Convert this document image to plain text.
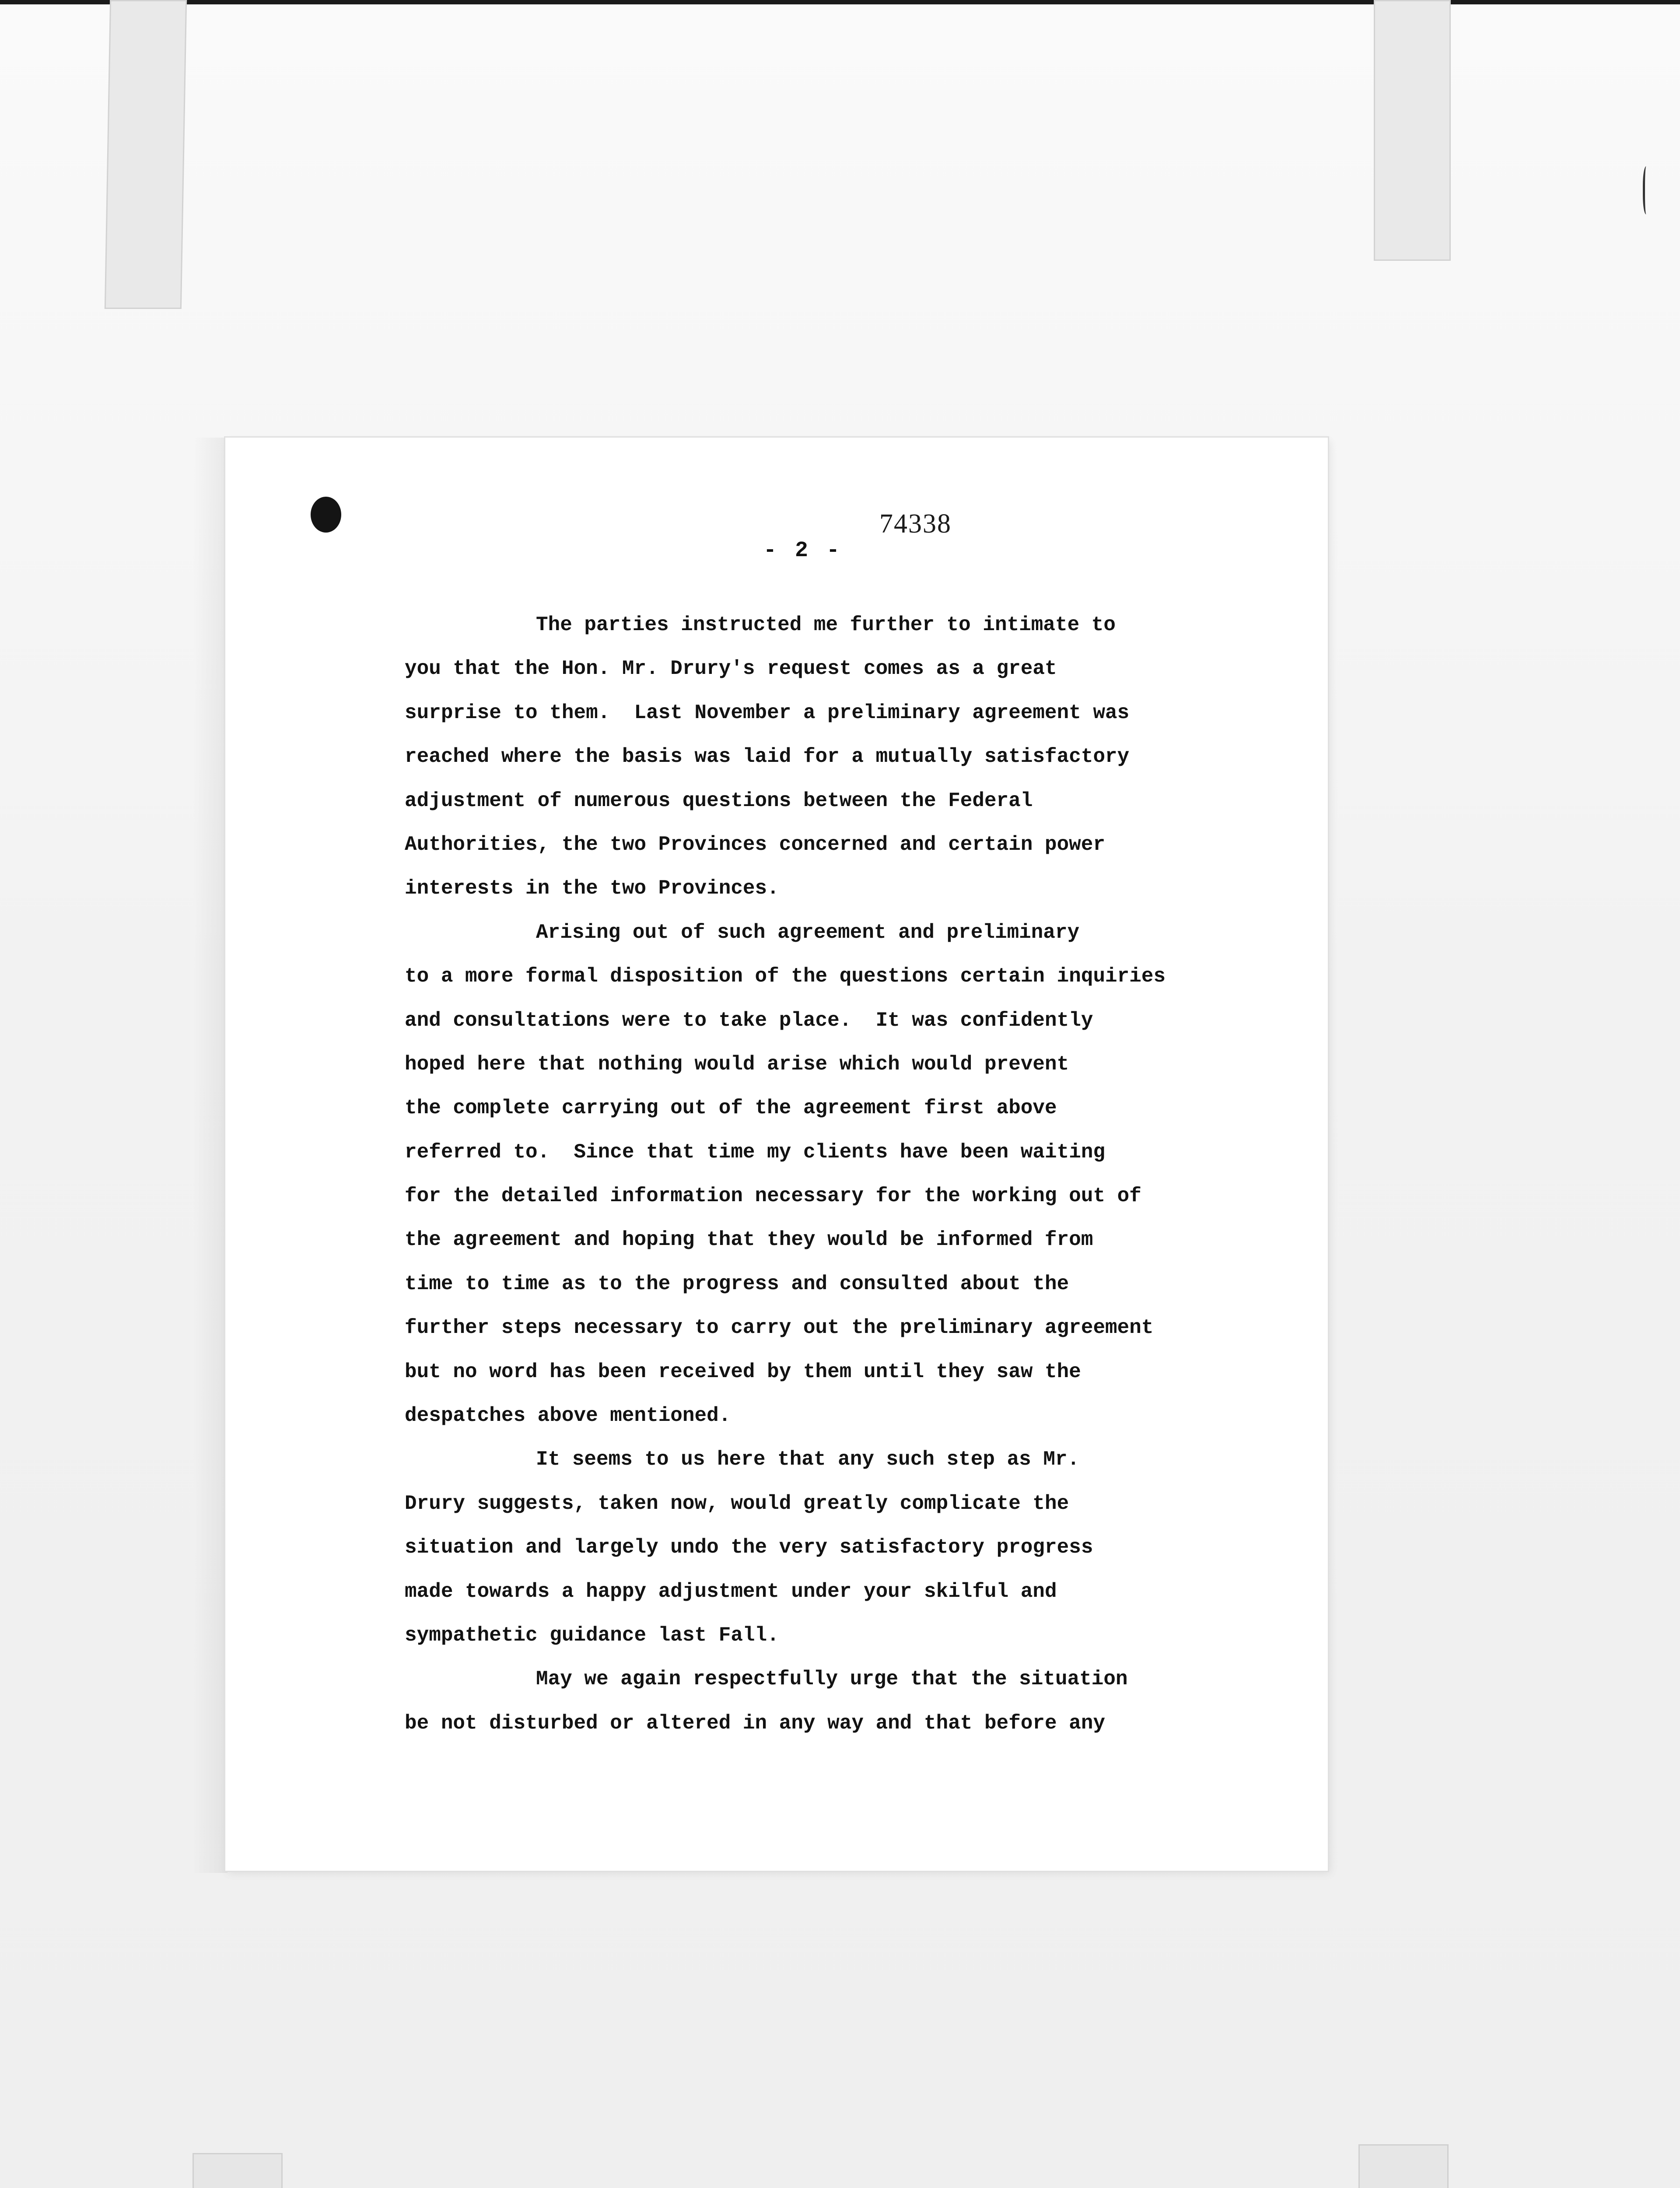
74338
- 2 -
The parties instructed me further to intimate to
you that the Hon. Mr. Drury's request comes as a great
surprise to them.  Last November a preliminary agreement was
reached where the basis was laid for a mutually satisfactory
adjustment of numerous questions between the Federal
Authorities, the two Provinces concerned and certain power
interests in the two Provinces.
Arising out of such agreement and preliminary
to a more formal disposition of the questions certain inquiries
and consultations were to take place.  It was confidently
hoped here that nothing would arise which would prevent
the complete carrying out of the agreement first above
referred to.  Since that time my clients have been waiting
for the detailed information necessary for the working out of
the agreement and hoping that they would be informed from
time to time as to the progress and consulted about the
further steps necessary to carry out the preliminary agreement
but no word has been received by them until they saw the
despatches above mentioned.
It seems to us here that any such step as Mr.
Drury suggests, taken now, would greatly complicate the
situation and largely undo the very satisfactory progress
made towards a happy adjustment under your skilful and
sympathetic guidance last Fall.
May we again respectfully urge that the situation
be not disturbed or altered in any way and that before any
